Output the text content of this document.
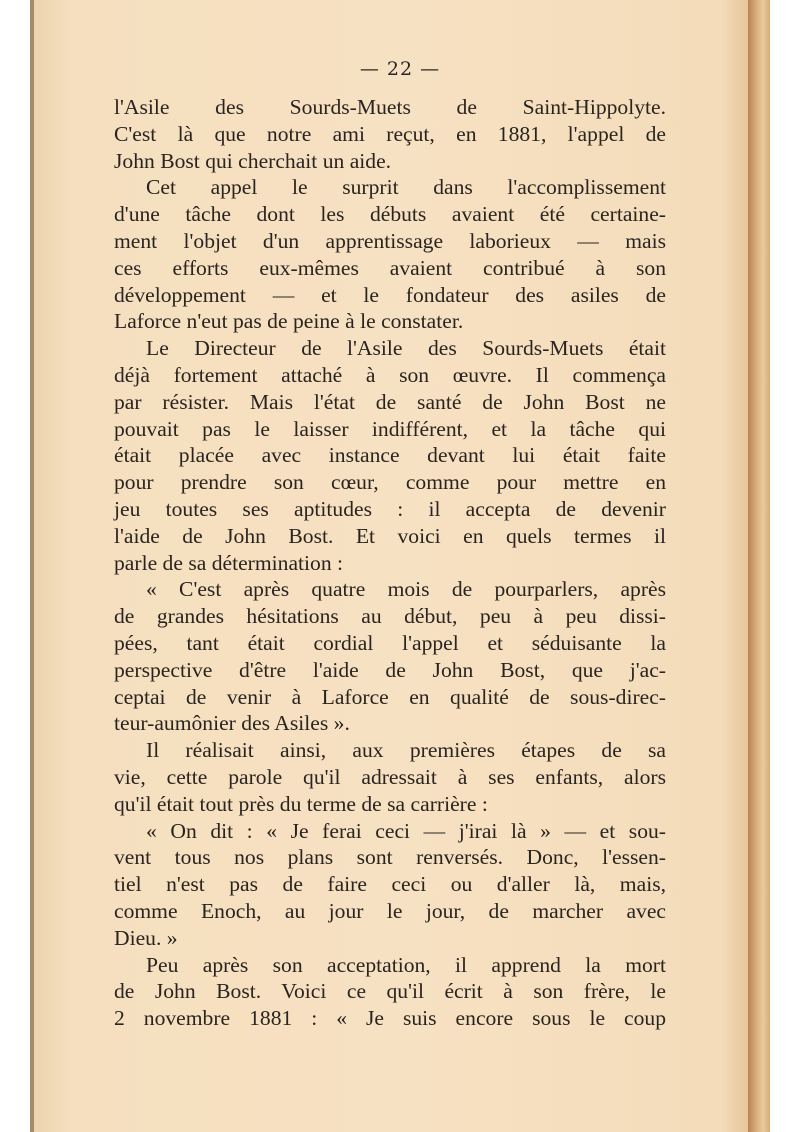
— 22 —
l'Asile des Sourds-Muets de Saint-Hippolyte.
C'est là que notre ami reçut, en 1881, l'appel de
John Bost qui cherchait un aide.
Cet appel le surprit dans l'accomplissement
d'une tâche dont les débuts avaient été certaine-
ment l'objet d'un apprentissage laborieux — mais
ces efforts eux-mêmes avaient contribué à son
développement — et le fondateur des asiles de
Laforce n'eut pas de peine à le constater.
Le Directeur de l'Asile des Sourds-Muets était
déjà fortement attaché à son œuvre. Il commença
par résister. Mais l'état de santé de John Bost ne
pouvait pas le laisser indifférent, et la tâche qui
était placée avec instance devant lui était faite
pour prendre son cœur, comme pour mettre en
jeu toutes ses aptitudes : il accepta de devenir
l'aide de John Bost. Et voici en quels termes il
parle de sa détermination :
« C'est après quatre mois de pourparlers, après
de grandes hésitations au début, peu à peu dissi-
pées, tant était cordial l'appel et séduisante la
perspective d'être l'aide de John Bost, que j'ac-
ceptai de venir à Laforce en qualité de sous-direc-
teur-aumônier des Asiles ».
Il réalisait ainsi, aux premières étapes de sa
vie, cette parole qu'il adressait à ses enfants, alors
qu'il était tout près du terme de sa carrière :
« On dit : « Je ferai ceci — j'irai là » — et sou-
vent tous nos plans sont renversés. Donc, l'essen-
tiel n'est pas de faire ceci ou d'aller là, mais,
comme Enoch, au jour le jour, de marcher avec
Dieu. »
Peu après son acceptation, il apprend la mort
de John Bost. Voici ce qu'il écrit à son frère, le
2 novembre 1881 : « Je suis encore sous le coup
